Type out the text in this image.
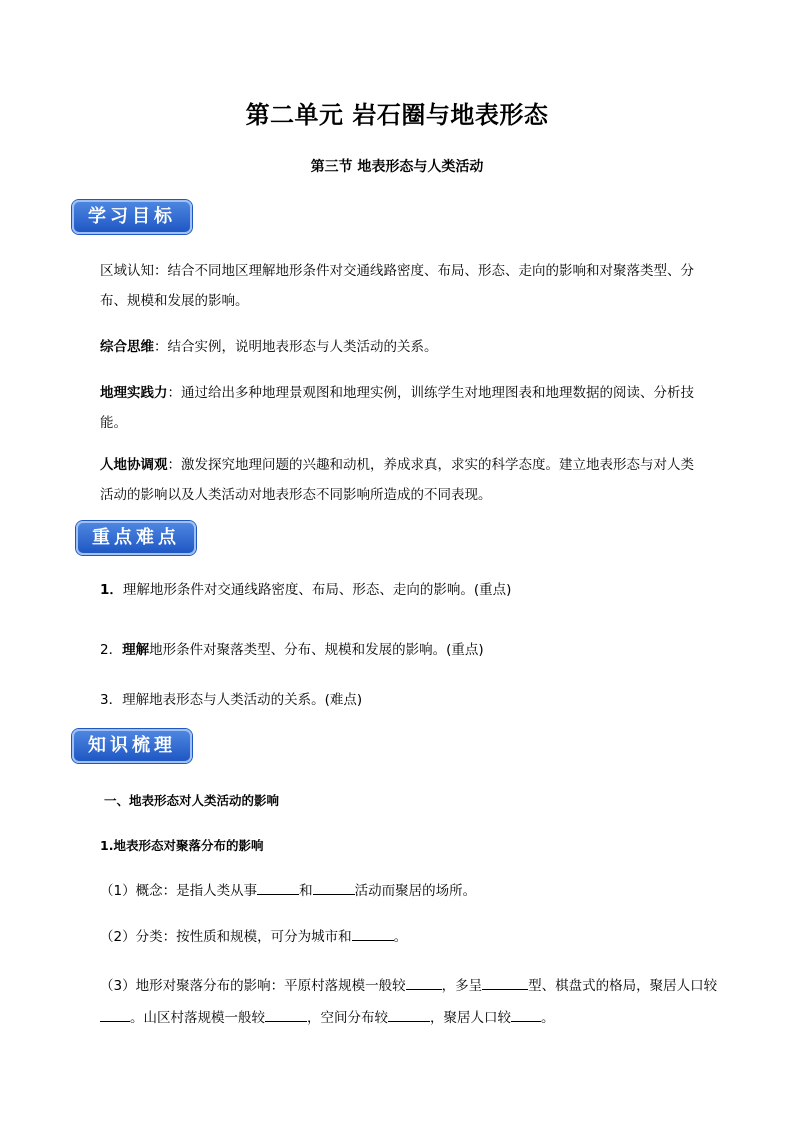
第二单元 岩石圈与地表形态
第三节 地表形态与人类活动
学习目标
区域认知：结合不同地区理解地形条件对交通线路密度、布局、形态、走向的影响和对聚落类型、分
布、规模和发展的影响。
综合思维：结合实例，说明地表形态与人类活动的关系。
地理实践力：通过给出多种地理景观图和地理实例，训练学生对地理图表和地理数据的阅读、分析技
能。
人地协调观：激发探究地理问题的兴趣和动机，养成求真，求实的科学态度。建立地表形态与对人类
活动的影响以及人类活动对地表形态不同影响所造成的不同表现。
重点难点
1．理解地形条件对交通线路密度、布局、形态、走向的影响。(重点)
2．理解地形条件对聚落类型、分布、规模和发展的影响。(重点)
3．理解地表形态与人类活动的关系。(难点)
知识梳理
一、地表形态对人类活动的影响
1.地表形态对聚落分布的影响
（1）概念：是指人类从事	和	活动而聚居的场所。
（2）分类：按性质和规模，可分为城市和	。
（3）地形对聚落分布的影响：平原村落规模一般较	，多呈	型、棋盘式的格局，聚居人口较。山区村落规模一般较	，空间分布较	，聚居人口较 。
